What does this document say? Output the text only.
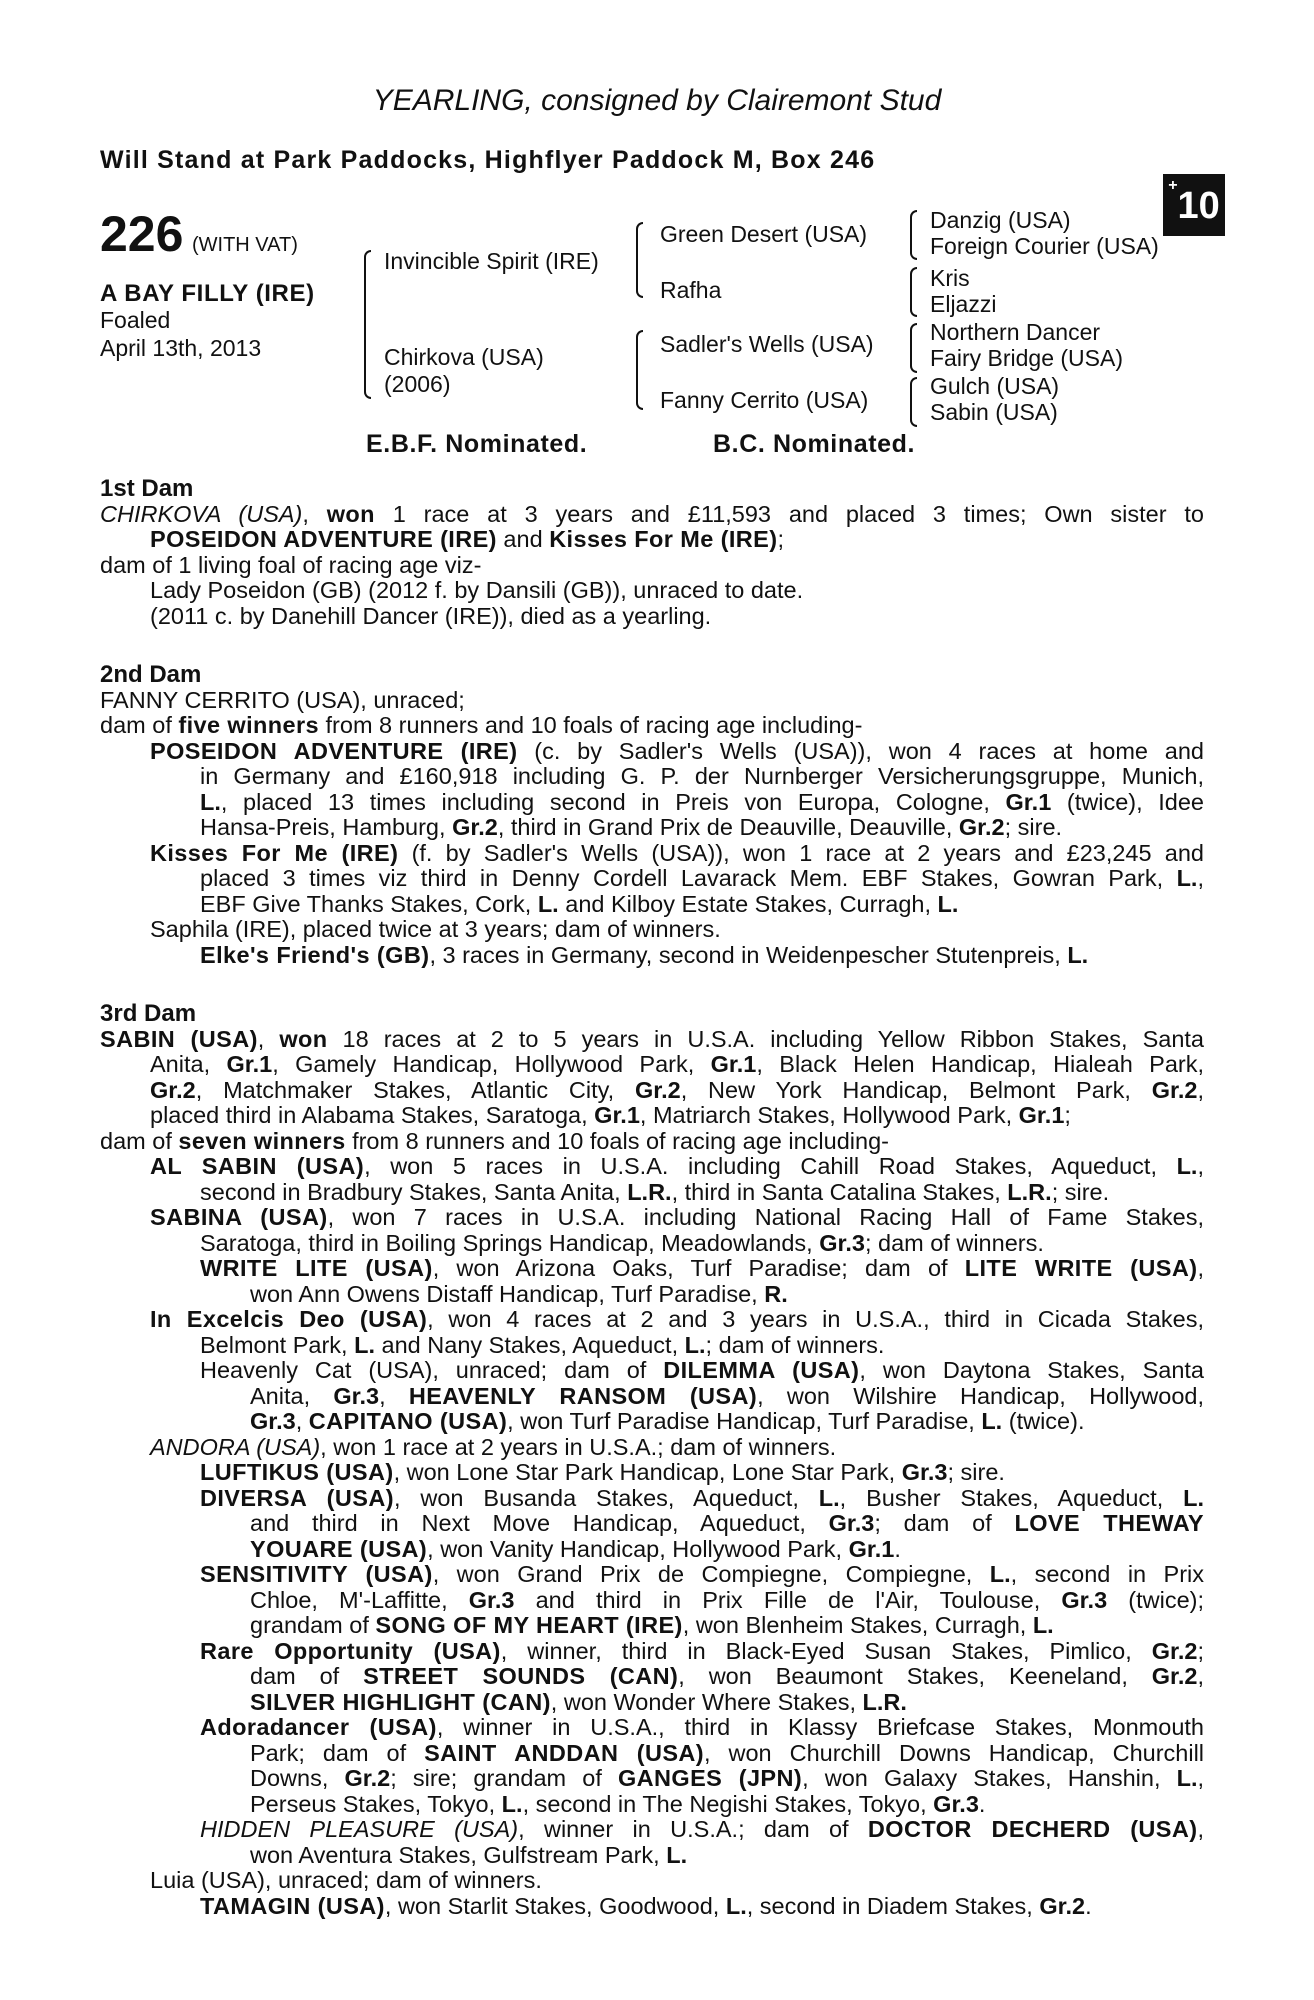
YEARLING, consigned by Clairemont Stud
Will Stand at Park Paddocks, Highflyer Paddock M, Box 246
+10
226 (WITH VAT)
A BAY FILLY (IRE)
Foaled
April 13th, 2013
Invincible Spirit (IRE)
Chirkova (USA)
(2006)
Green Desert (USA)
Rafha
Sadler's Wells (USA)
Fanny Cerrito (USA)
Danzig (USA)
Foreign Courier (USA)
Kris
Eljazzi
Northern Dancer
Fairy Bridge (USA)
Gulch (USA)
Sabin (USA)
E.B.F. Nominated.	B.C. Nominated.
1st Dam
CHIRKOVA (USA), won 1 race at 3 years and £11,593 and placed 3 times; Own sister to
POSEIDON ADVENTURE (IRE) and Kisses For Me (IRE);
dam of 1 living foal of racing age viz-
Lady Poseidon (GB) (2012 f. by Dansili (GB)), unraced to date.
(2011 c. by Danehill Dancer (IRE)), died as a yearling.
2nd Dam
FANNY CERRITO (USA), unraced;
dam of five winners from 8 runners and 10 foals of racing age including-
POSEIDON ADVENTURE (IRE) (c. by Sadler's Wells (USA)), won 4 races at home and
in Germany and £160,918 including G. P. der Nurnberger Versicherungsgruppe, Munich,
L., placed 13 times including second in Preis von Europa, Cologne, Gr.1 (twice), Idee
Hansa-Preis, Hamburg, Gr.2, third in Grand Prix de Deauville, Deauville, Gr.2; sire.
Kisses For Me (IRE) (f. by Sadler's Wells (USA)), won 1 race at 2 years and £23,245 and
placed 3 times viz third in Denny Cordell Lavarack Mem. EBF Stakes, Gowran Park, L.,
EBF Give Thanks Stakes, Cork, L. and Kilboy Estate Stakes, Curragh, L.
Saphila (IRE), placed twice at 3 years; dam of winners.
Elke's Friend's (GB), 3 races in Germany, second in Weidenpescher Stutenpreis, L.
3rd Dam
SABIN (USA), won 18 races at 2 to 5 years in U.S.A. including Yellow Ribbon Stakes, Santa
Anita, Gr.1, Gamely Handicap, Hollywood Park, Gr.1, Black Helen Handicap, Hialeah Park,
Gr.2, Matchmaker Stakes, Atlantic City, Gr.2, New York Handicap, Belmont Park, Gr.2,
placed third in Alabama Stakes, Saratoga, Gr.1, Matriarch Stakes, Hollywood Park, Gr.1;
dam of seven winners from 8 runners and 10 foals of racing age including-
AL SABIN (USA), won 5 races in U.S.A. including Cahill Road Stakes, Aqueduct, L.,
second in Bradbury Stakes, Santa Anita, L.R., third in Santa Catalina Stakes, L.R.; sire.
SABINA (USA), won 7 races in U.S.A. including National Racing Hall of Fame Stakes,
Saratoga, third in Boiling Springs Handicap, Meadowlands, Gr.3; dam of winners.
WRITE LITE (USA), won Arizona Oaks, Turf Paradise; dam of LITE WRITE (USA),
won Ann Owens Distaff Handicap, Turf Paradise, R.
In Excelcis Deo (USA), won 4 races at 2 and 3 years in U.S.A., third in Cicada Stakes,
Belmont Park, L. and Nany Stakes, Aqueduct, L.; dam of winners.
Heavenly Cat (USA), unraced; dam of DILEMMA (USA), won Daytona Stakes, Santa
Anita, Gr.3, HEAVENLY RANSOM (USA), won Wilshire Handicap, Hollywood,
Gr.3, CAPITANO (USA), won Turf Paradise Handicap, Turf Paradise, L. (twice).
ANDORA (USA), won 1 race at 2 years in U.S.A.; dam of winners.
LUFTIKUS (USA), won Lone Star Park Handicap, Lone Star Park, Gr.3; sire.
DIVERSA (USA), won Busanda Stakes, Aqueduct, L., Busher Stakes, Aqueduct, L.
and third in Next Move Handicap, Aqueduct, Gr.3; dam of LOVE THEWAY
YOUARE (USA), won Vanity Handicap, Hollywood Park, Gr.1.
SENSITIVITY (USA), won Grand Prix de Compiegne, Compiegne, L., second in Prix
Chloe, M'-Laffitte, Gr.3 and third in Prix Fille de l'Air, Toulouse, Gr.3 (twice);
grandam of SONG OF MY HEART (IRE), won Blenheim Stakes, Curragh, L.
Rare Opportunity (USA), winner, third in Black-Eyed Susan Stakes, Pimlico, Gr.2;
dam of STREET SOUNDS (CAN), won Beaumont Stakes, Keeneland, Gr.2,
SILVER HIGHLIGHT (CAN), won Wonder Where Stakes, L.R.
Adoradancer (USA), winner in U.S.A., third in Klassy Briefcase Stakes, Monmouth
Park; dam of SAINT ANDDAN (USA), won Churchill Downs Handicap, Churchill
Downs, Gr.2; sire; grandam of GANGES (JPN), won Galaxy Stakes, Hanshin, L.,
Perseus Stakes, Tokyo, L., second in The Negishi Stakes, Tokyo, Gr.3.
HIDDEN PLEASURE (USA), winner in U.S.A.; dam of DOCTOR DECHERD (USA),
won Aventura Stakes, Gulfstream Park, L.
Luia (USA), unraced; dam of winners.
TAMAGIN (USA), won Starlit Stakes, Goodwood, L., second in Diadem Stakes, Gr.2.
